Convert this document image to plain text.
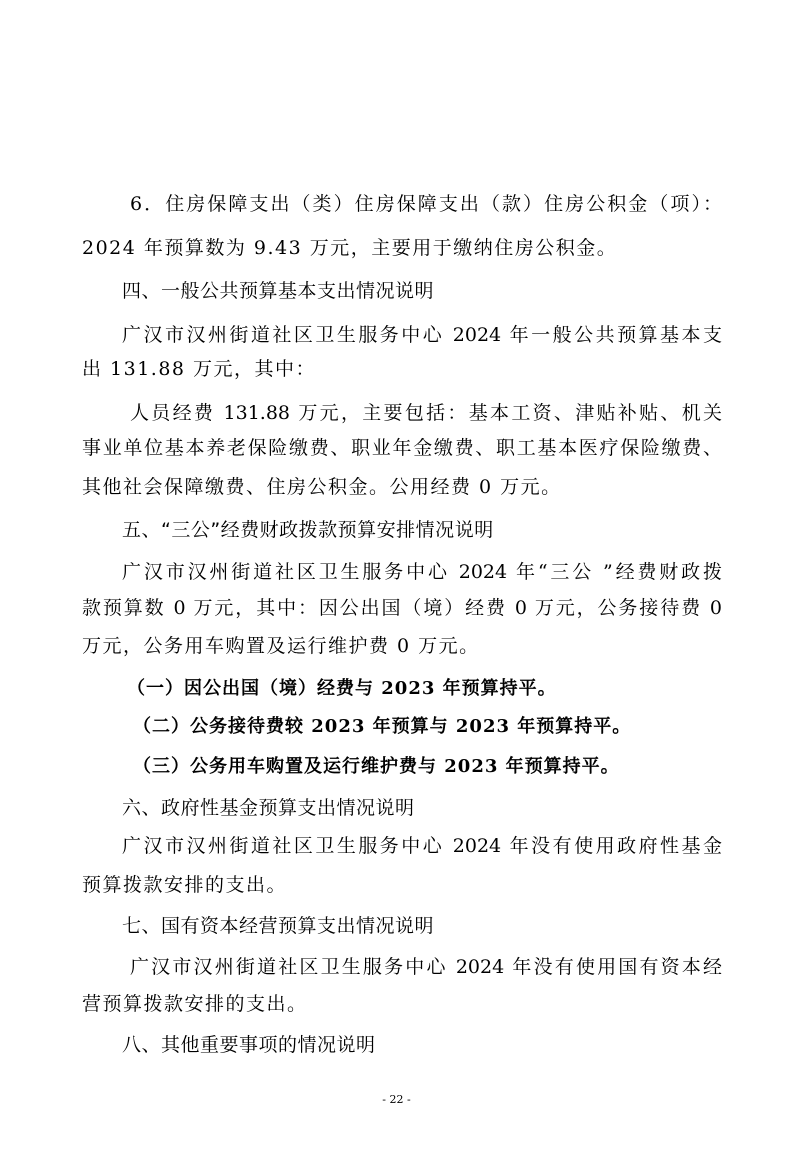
6．住房保障支出（类）住房保障支出（款）住房公积金（项）：
2024 年预算数为 9.43 万元，主要用于缴纳住房公积金。
四、一般公共预算基本支出情况说明
广汉市汉州街道社区卫生服务中心 2024 年一般公共预算基本支
出 131.88 万元，其中：
人员经费 131.88 万元，主要包括：基本工资、津贴补贴、机关
事业单位基本养老保险缴费、职业年金缴费、职工基本医疗保险缴费、
其他社会保障缴费、住房公积金。公用经费 0 万元。
五、“三公”经费财政拨款预算安排情况说明
广汉市汉州街道社区卫生服务中心 2024 年“三公 ”经费财政拨
款预算数 0 万元，其中：因公出国（境）经费 0 万元，公务接待费 0
万元，公务用车购置及运行维护费 0 万元。
（一）因公出国（境）经费与 2023 年预算持平。
（二）公务接待费较 2023 年预算与 2023 年预算持平。
（三）公务用车购置及运行维护费与 2023 年预算持平。
六、政府性基金预算支出情况说明
广汉市汉州街道社区卫生服务中心 2024 年没有使用政府性基金
预算拨款安排的支出。
七、国有资本经营预算支出情况说明
广汉市汉州街道社区卫生服务中心 2024 年没有使用国有资本经
营预算拨款安排的支出。
八、其他重要事项的情况说明
- 22 -
